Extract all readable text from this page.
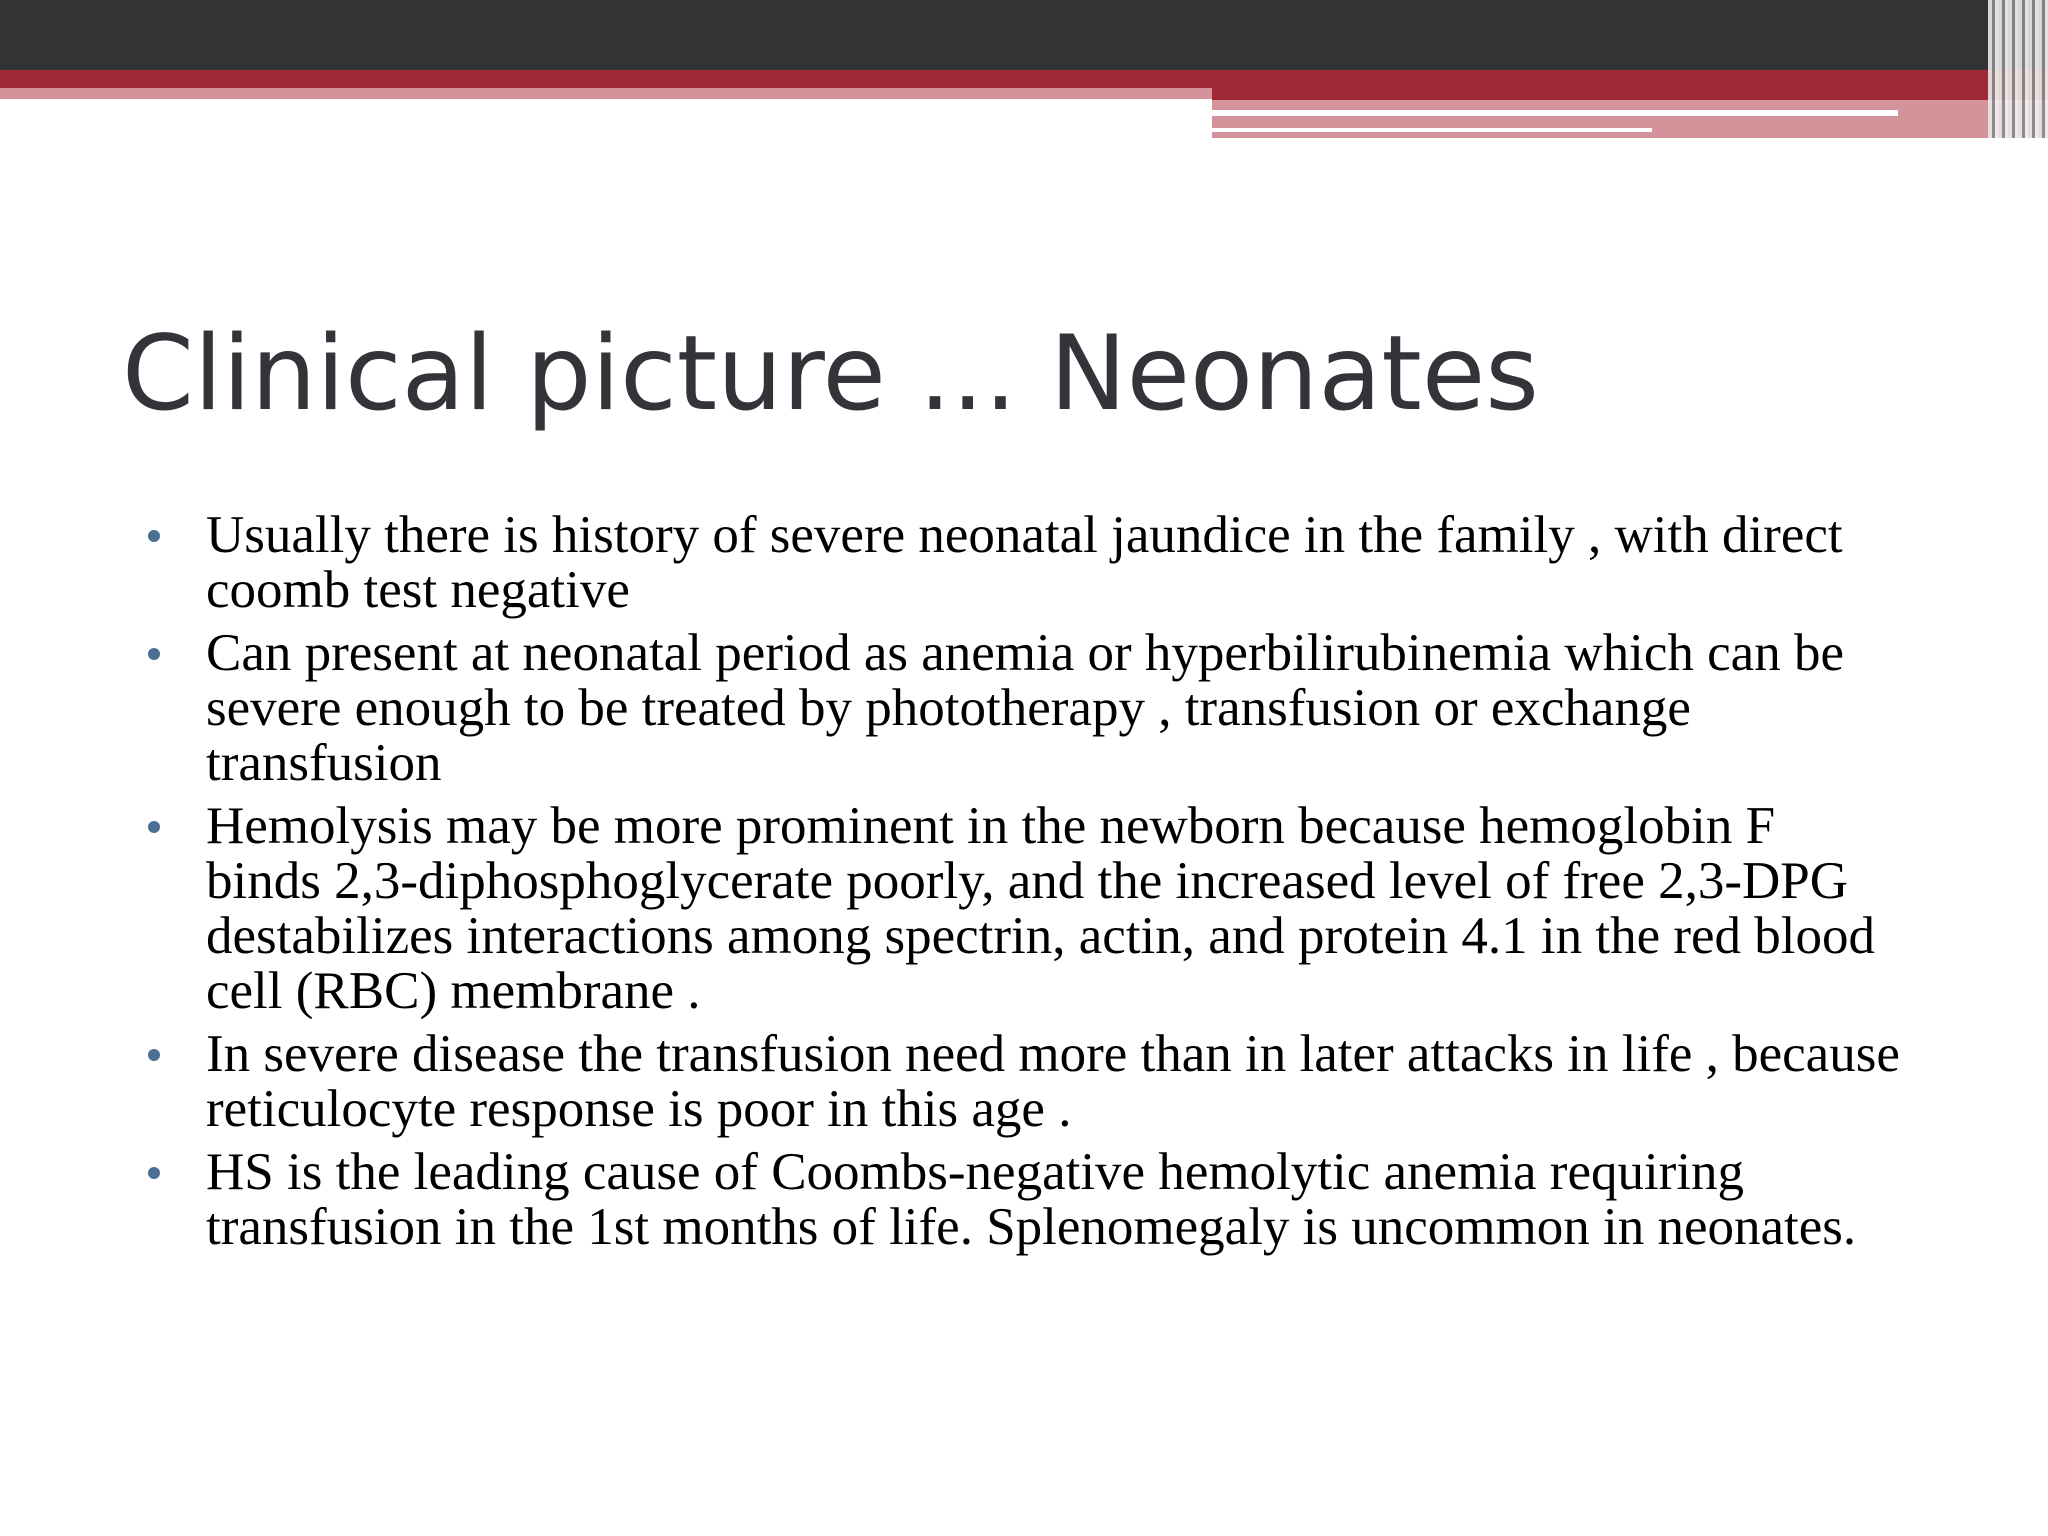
Clinical picture ... Neonates
Usually there is history of severe neonatal jaundice in the family , with direct coomb test negative
Can present at neonatal period as anemia or hyperbilirubinemia which can be severe enough to be treated by phototherapy , transfusion or exchange transfusion
Hemolysis may be more prominent in the newborn because hemoglobin F binds 2,3-diphosphoglycerate poorly, and the increased level of free 2,3-DPG destabilizes interactions among spectrin, actin, and protein 4.1 in the red blood cell (RBC) membrane .
In severe disease the transfusion need more than in later attacks in life , because reticulocyte response is poor in this age .
HS is the leading cause of Coombs-negative hemolytic anemia requiring transfusion in the 1st months of life. Splenomegaly is uncommon in neonates.
